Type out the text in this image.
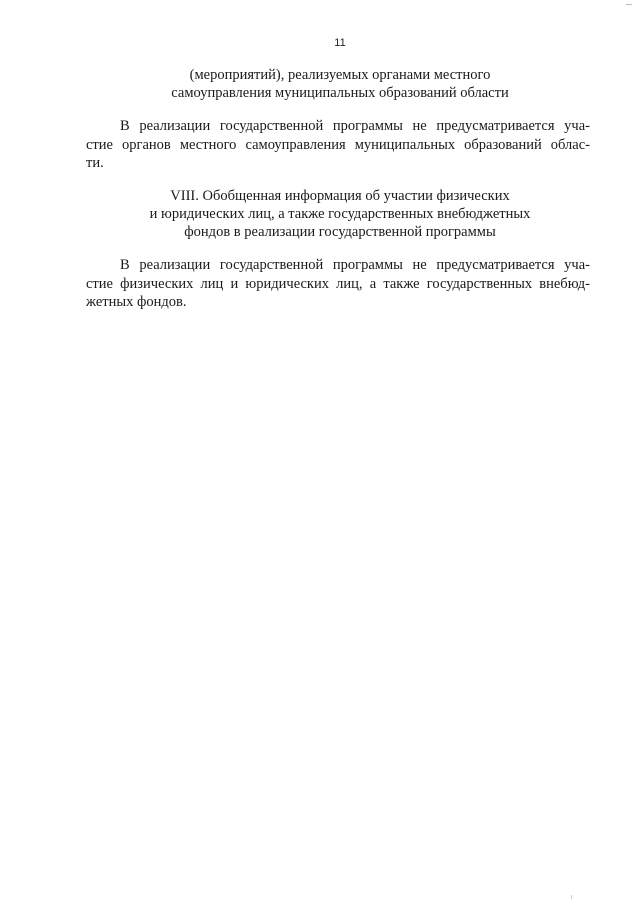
11
(мероприятий), реализуемых органами местного
самоуправления муниципальных образований области
В реализации государственной программы не предусматривается уча-
стие органов местного самоуправления муниципальных образований облас-
ти.
VIII. Обобщенная информация об участии физических
и юридических лиц, а также государственных внебюджетных
фондов в реализации государственной программы
В реализации государственной программы не предусматривается уча-
стие физических лиц и юридических лиц, а также государственных внебюд-
жетных фондов.
